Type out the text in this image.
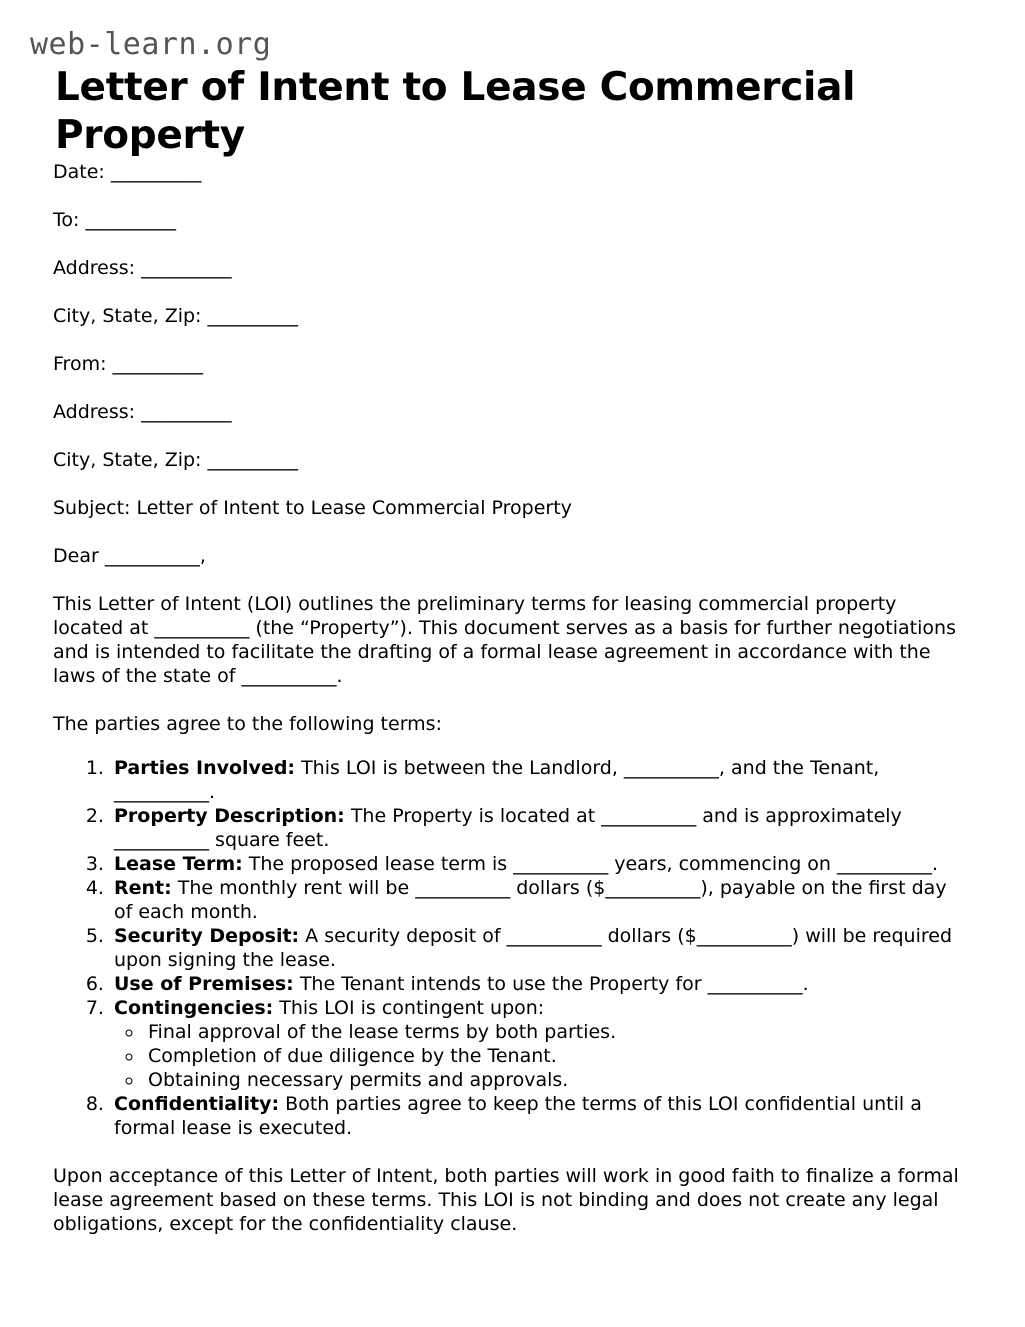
web-learn.org
Letter of Intent to Lease Commercial Property

Date: __________

To: __________

Address: __________

City, State, Zip: __________

From: __________

Address: __________

City, State, Zip: __________

Subject: Letter of Intent to Lease Commercial Property

Dear __________,

This Letter of Intent (LOI) outlines the preliminary terms for leasing commercial property located at __________ (the “Property”). This document serves as a basis for further negotiations and is intended to facilitate the drafting of a formal lease agreement in accordance with the laws of the state of __________.

The parties agree to the following terms:

1. Parties Involved: This LOI is between the Landlord, __________, and the Tenant, __________.
2. Property Description: The Property is located at __________ and is approximately __________ square feet.
3. Lease Term: The proposed lease term is __________ years, commencing on __________.
4. Rent: The monthly rent will be __________ dollars ($__________), payable on the first day of each month.
5. Security Deposit: A security deposit of __________ dollars ($__________) will be required upon signing the lease.
6. Use of Premises: The Tenant intends to use the Property for __________.
7. Contingencies: This LOI is contingent upon:
◦ Final approval of the lease terms by both parties.
◦ Completion of due diligence by the Tenant.
◦ Obtaining necessary permits and approvals.
8. Confidentiality: Both parties agree to keep the terms of this LOI confidential until a formal lease is executed.

Upon acceptance of this Letter of Intent, both parties will work in good faith to finalize a formal lease agreement based on these terms. This LOI is not binding and does not create any legal obligations, except for the confidentiality clause.
